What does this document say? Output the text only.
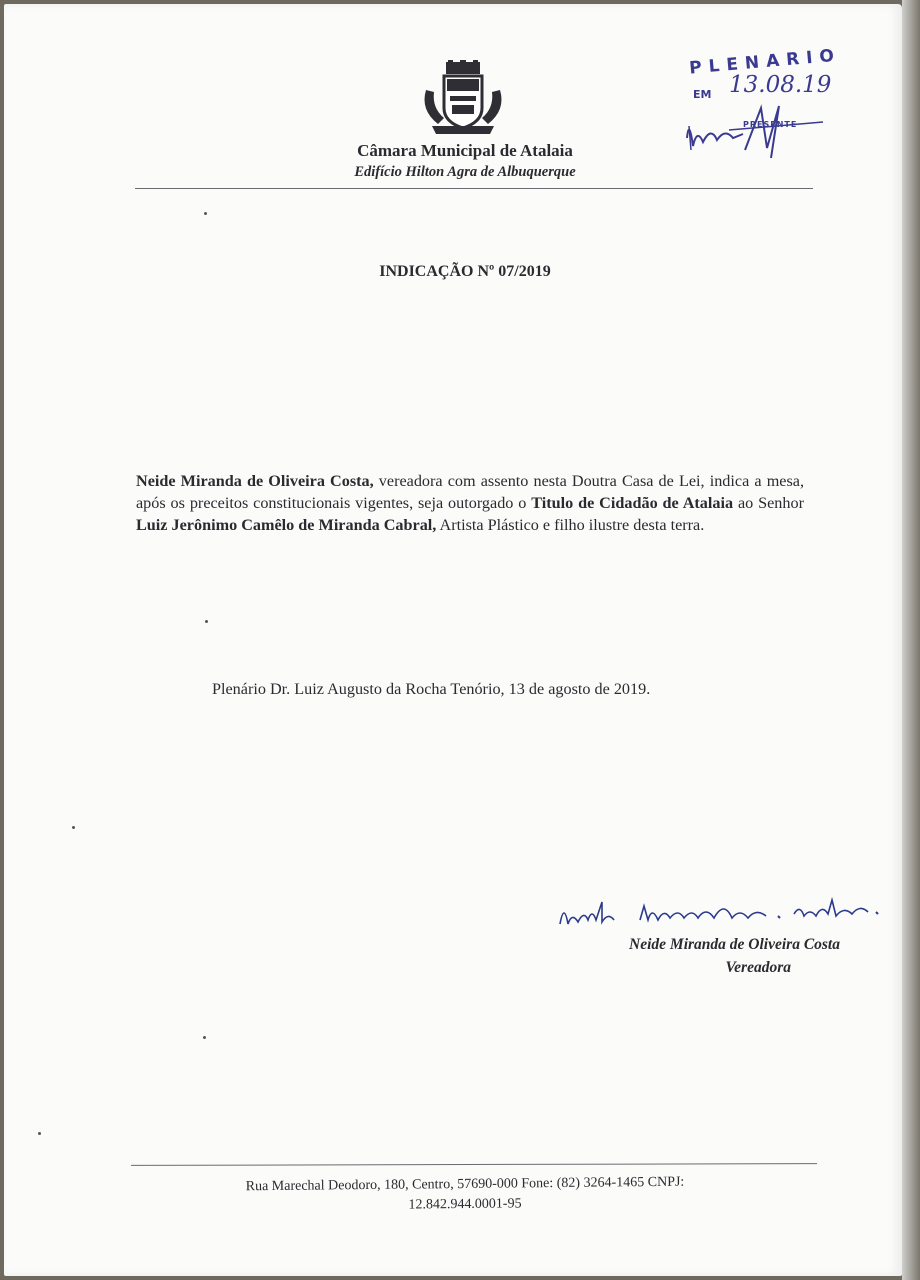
Câmara Municipal de Atalaia
Edifício Hilton Agra de Albuquerque
PLENARIO
EM 13.08.19
PRESENTE
INDICAÇÃO Nº 07/2019
Neide Miranda de Oliveira Costa, vereadora com assento nesta Doutra Casa de Lei, indica a mesa, após os preceitos constitucionais vigentes, seja outorgado o Titulo de Cidadão de Atalaia ao Senhor Luiz Jerônimo Camêlo de Miranda Cabral, Artista Plástico e filho ilustre desta terra.
Plenário Dr. Luiz Augusto da Rocha Tenório, 13 de agosto de 2019.
Neide Miranda de Oliveira Costa
Vereadora
Rua Marechal Deodoro, 180, Centro, 57690-000 Fone: (82) 3264-1465 CNPJ:
12.842.944.0001-95
